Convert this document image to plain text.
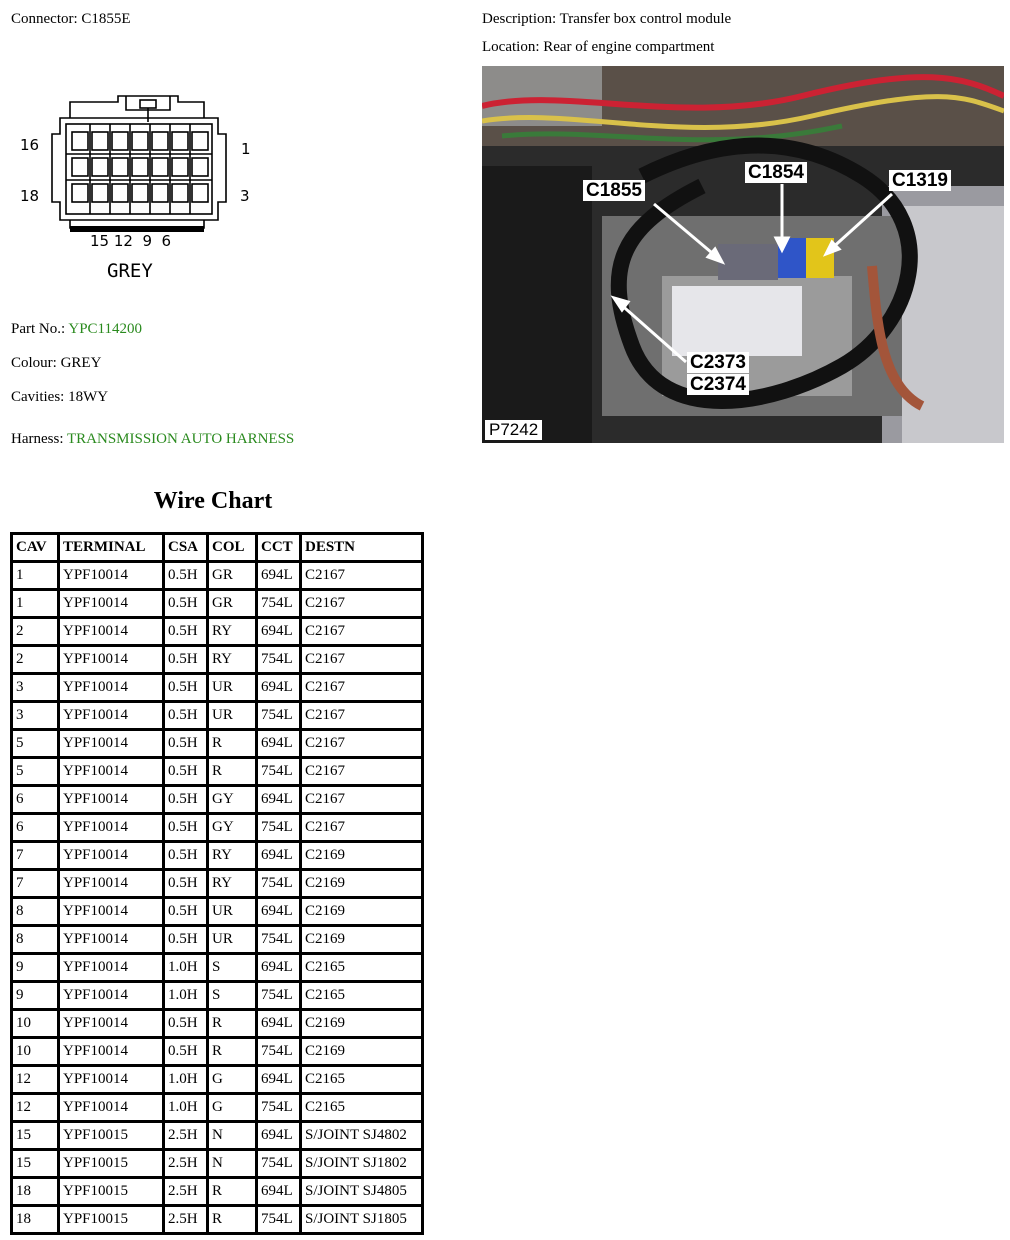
Connector: C1855E
16	1
18	3
15 12  9  6
GREY
Part No.: YPC114200
Colour: GREY
Cavities: 18WY
Harness: TRANSMISSION AUTO HARNESS
Description: Transfer box control module
Location: Rear of engine compartment
C1855
C1854	C1319
C2373
C2374
P7242
Wire Chart
CAV	TERMINAL	CSA	COL	CCT	DESTN
1	YPF10014	0.5H	GR	694L	C2167
1	YPF10014	0.5H	GR	754L	C2167
2	YPF10014	0.5H	RY	694L	C2167
2	YPF10014	0.5H	RY	754L	C2167
3	YPF10014	0.5H	UR	694L	C2167
3	YPF10014	0.5H	UR	754L	C2167
5	YPF10014	0.5H	R	694L	C2167
5	YPF10014	0.5H	R	754L	C2167
6	YPF10014	0.5H	GY	694L	C2167
6	YPF10014	0.5H	GY	754L	C2167
7	YPF10014	0.5H	RY	694L	C2169
7	YPF10014	0.5H	RY	754L	C2169
8	YPF10014	0.5H	UR	694L	C2169
8	YPF10014	0.5H	UR	754L	C2169
9	YPF10014	1.0H	S	694L	C2165
9	YPF10014	1.0H	S	754L	C2165
10	YPF10014	0.5H	R	694L	C2169
10	YPF10014	0.5H	R	754L	C2169
12	YPF10014	1.0H	G	694L	C2165
12	YPF10014	1.0H	G	754L	C2165
15	YPF10015	2.5H	N	694L	S/JOINT SJ4802
15	YPF10015	2.5H	N	754L	S/JOINT SJ1802
18	YPF10015	2.5H	R	694L	S/JOINT SJ4805
18	YPF10015	2.5H	R	754L	S/JOINT SJ1805
